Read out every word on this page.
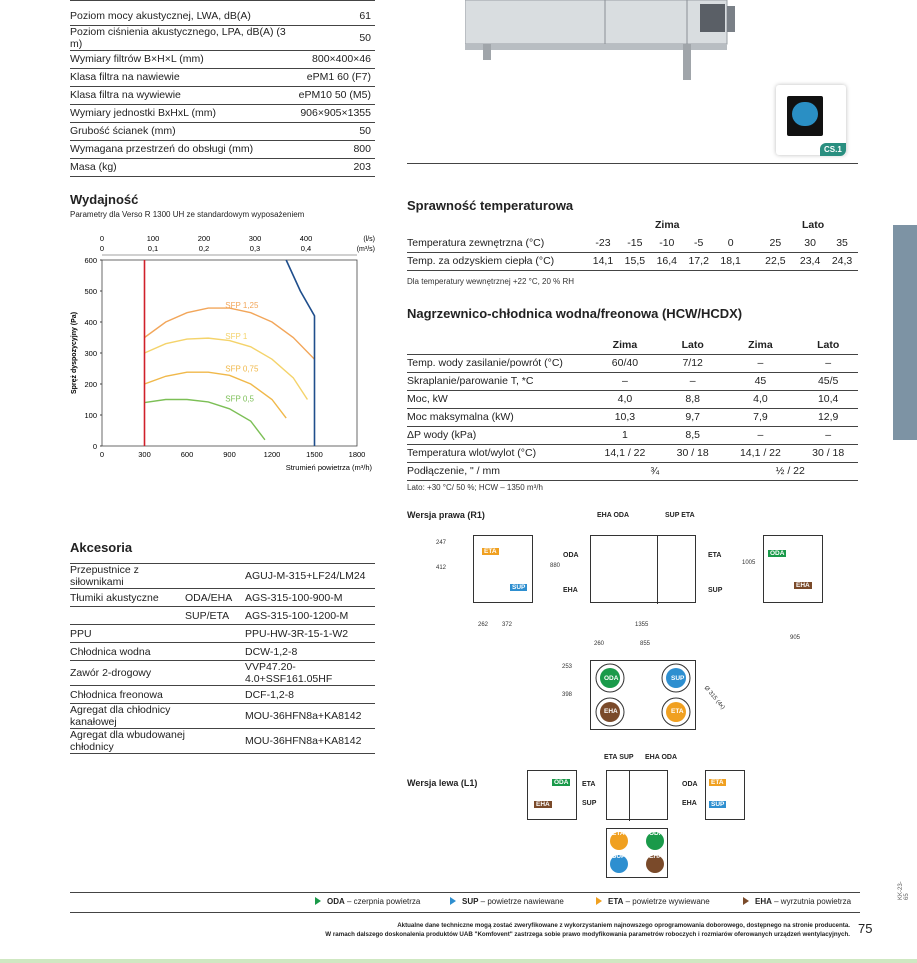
Poziom mocy akustycznej, LWA, dB(A)	61
Poziom ciśnienia akustycznego, LPA, dB(A) (3 m)	50
Wymiary filtrów B×H×L (mm)	800×400×46
Klasa filtra na nawiewie	ePM1 60 (F7)
Klasa filtra na wywiewie	ePM10 50 (M5)
Wymiary jednostki BxHxL (mm)	906×905×1355
Grubość ścianek (mm)	50
Wymagana przestrzeń do obsługi (mm)	800
Masa (kg)	203
CS.1
Wydajność
Parametry dla Verso R 1300 UH ze standardowym wyposażeniem
600
500
400
300
200
100
0
0	300	600	900	1200	1500	1800
0
0
100
0,1
200
0,2
300
0,3
400
0,4
(l/s)
(m³/s)
Spręż dyspozycyjny (Pa)
Strumień powietrza (m³/h)
SFP 1,25
SFP 1
SFP 0,75
SFP 0,5
Sprawność temperaturowa
Zima	Lato
Temperatura zewnętrzna (°C)	-23	-15	-10	-5	0	25	30	35
Temp. za odzyskiem ciepła (°C)	14,1	15,5	16,4	17,2	18,1	22,5	23,4	24,3
Dla temperatury wewnętrznej +22 °C, 20 % RH
Nagrzewnico-chłodnica wodna/freonowa (HCW/HCDX)
	Zima	Lato	Zima	Lato
Temp. wody zasilanie/powrót (°C)	60/40	7/12	–	–
Skraplanie/parowanie T, *C	–	–	45	45/5
Moc, kW	4,0	8,8	4,0	10,4
Moc maksymalna (kW)	10,3	9,7	7,9	12,9
ΔP wody (kPa)	1	8,5	–	–
Temperatura wlot/wylot (°C)	14,1 / 22	30 / 18	14,1 / 22	30 / 18
Podłączenie, " / mm	¾		½ / 22	
Lato: +30 °C/ 50 %; HCW – 1350 m³/h
Akcesoria
Przepustnice z siłownikami		AGUJ-M-315+LF24/LM24
Tłumiki akustyczne	ODA/EHA	AGS-315-100-900-M
	SUP/ETA	AGS-315-100-1200-M
PPU		PPU-HW-3R-15-1-W2
Chłodnica wodna		DCW-1,2-8
Zawór 2-drogowy		VVP47.20-4.0+SSF161.05HF
Chłodnica freonowa		DCF-1,2-8
Agregat dla chłodnicy kanałowej		MOU-36HFN8a+KA8142
Agregat dla wbudowanej chłodnicy		MOU-36HFN8a+KA8142
Wersja prawa (R1)
Wersja lewa (L1)
ETA
SUP
247
412
262 372
EHA ODA	SUP ETA
ODA
EHA
ETA
SUP
880
1355
1005
ODA
EHA
905
ODA	SUP
EHA	ETA
260	855
253
398	Ø 315 (4x)
ODA
EHA
ETA SUP EHA ODA
ETA
SUP
ODA
EHA
ETA
SUP
ETA	ODA
SUP	EHA
ODA – czerpnia powietrza	SUP – powietrze nawiewane	ETA – powietrze wywiewane	EHA – wyrzutnia powietrza
Aktualne dane techniczne mogą zostać zweryfikowane z wykorzystaniem najnowszego oprogramowania doborowego, dostępnego na stronie producenta.
W ramach dalszego doskonalenia produktów UAB "Komfovent" zastrzega sobie prawo modyfikowania parametrów roboczych i rozmiarów oferowanych urządzeń wentylacyjnych. 75
KK-23-65
